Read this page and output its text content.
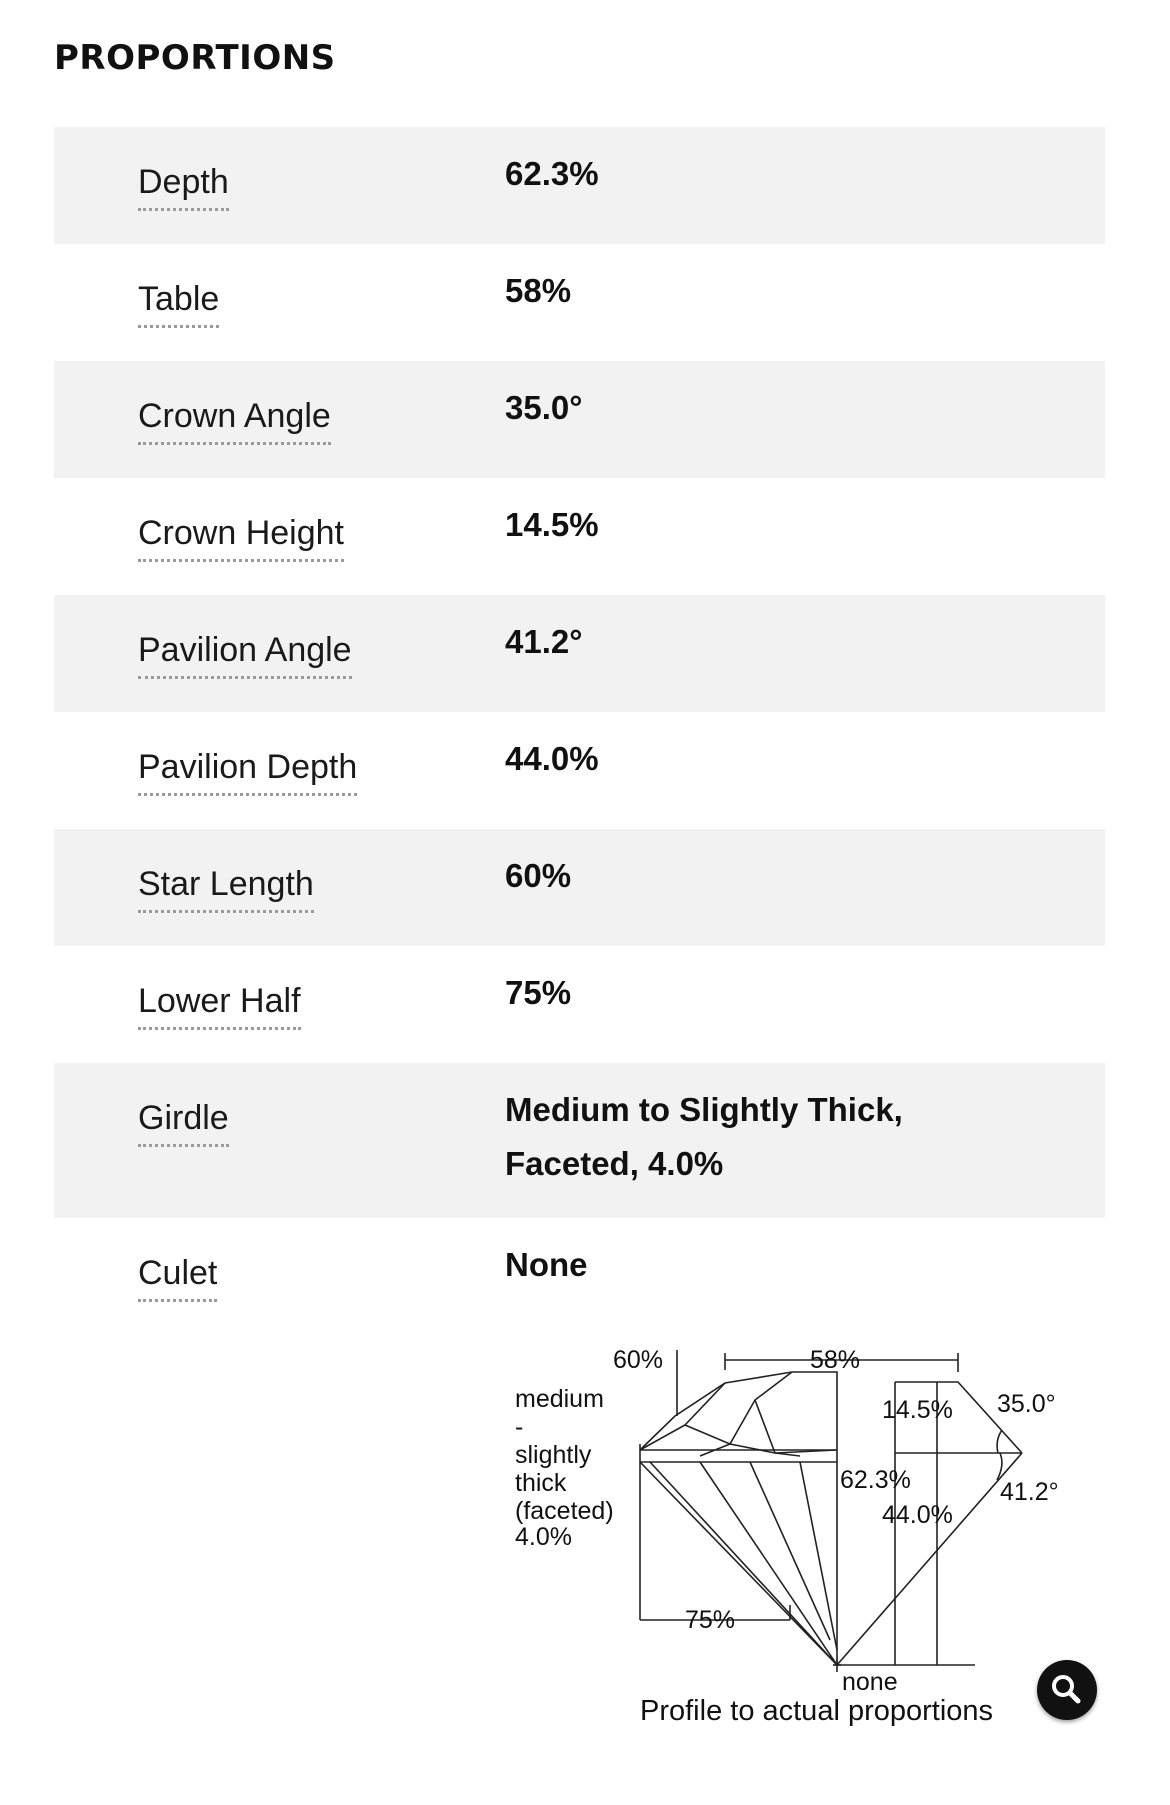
PROPORTIONS
Depth	62.3%
Table	58%
Crown Angle	35.0°
Crown Height	14.5%
Pavilion Angle	41.2°
Pavilion Depth	44.0%
Star Length	60%
Lower Half	75%
Girdle	Medium to Slightly Thick, Faceted, 4.0%
Culet	None
60%	58%
14.5% 35.0°
62.3%
44.0%
41.2°
75%
none
medium
-
slightly
thick
(faceted)
4.0%
Profile to actual proportions
